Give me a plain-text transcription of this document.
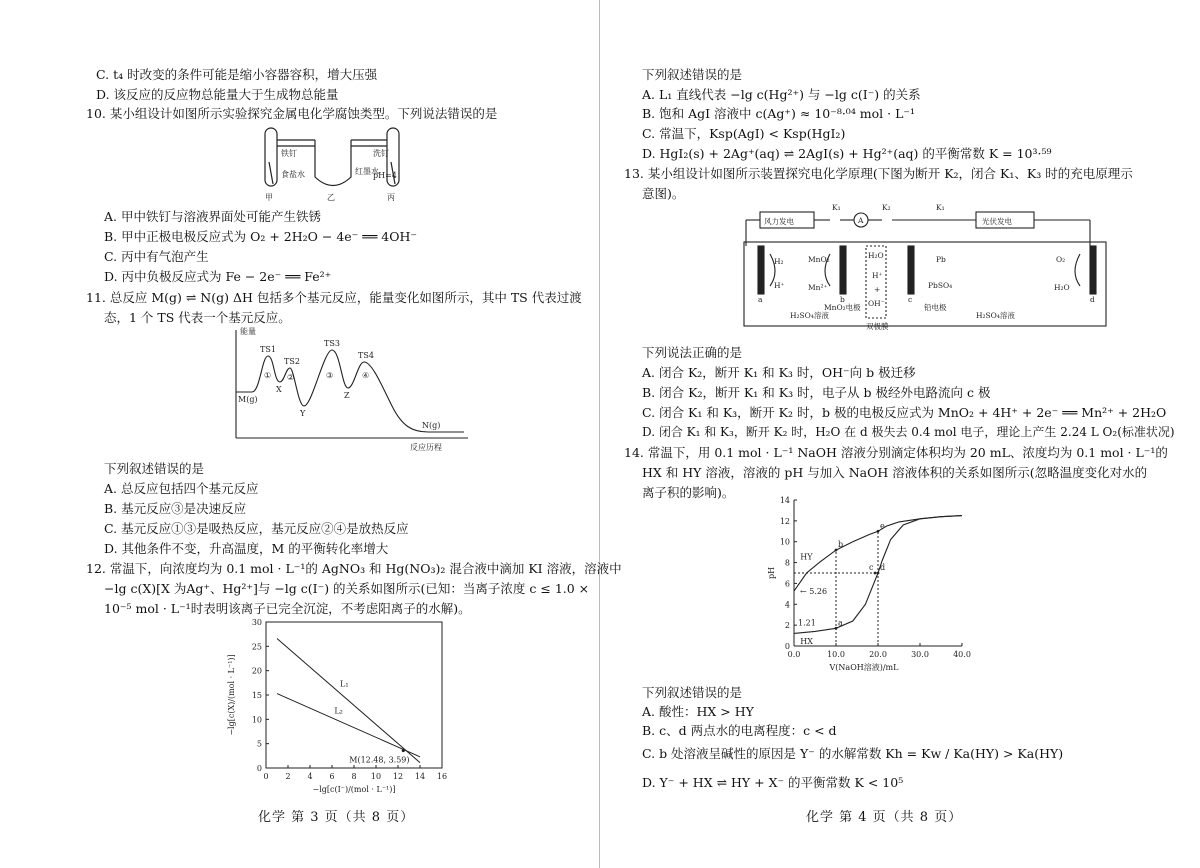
C. t₄ 时改变的条件可能是缩小容器容积，增大压强
D. 该反应的反应物总能量大于生成物总能量
10. 某小组设计如图所示实验探究金属电化学腐蚀类型。下列说法错误的是
铁钉
食盐水	红墨水
洗钉
pH=4
甲	乙	丙
A. 甲中铁钉与溶液界面处可能产生铁锈
B. 甲中正极电极反应式为 O₂ + 2H₂O − 4e⁻ ══ 4OH⁻
C. 丙中有气泡产生
D. 丙中负极反应式为 Fe − 2e⁻ ══ Fe²⁺
11. 总反应 M(g) ⇌ N(g) ΔH 包括多个基元反应，能量变化如图所示，其中 TS 代表过渡
态，1 个 TS 代表一个基元反应。
能量
TS1
TS2
TS3
TS4
① ②	③	④
M(g)
X
Y
Z
N(g)
反应历程
下列叙述错误的是
A. 总反应包括四个基元反应
B. 基元反应③是决速反应
C. 基元反应①③是吸热反应，基元反应②④是放热反应
D. 其他条件不变，升高温度，M 的平衡转化率增大
12. 常温下，向浓度均为 0.1 mol · L⁻¹的 AgNO₃ 和 Hg(NO₃)₂ 混合液中滴加 KI 溶液，溶液中
−lg c(X)[X 为Ag⁺、Hg²⁺]与 −lg c(I⁻) 的关系如图所示(已知：当离子浓度 c ≤ 1.0 ×
10⁻⁵ mol · L⁻¹时表明该离子已完全沉淀，不考虑阳离子的水解)。
0 2 4 6 8 10 12 14 16
0
5
10
15
20
25
30
L₁
L₂
M(12.48, 3.59)
−lg[c(I⁻)/(mol · L⁻¹)]
−lg[c(X)/(mol · L⁻¹)]
化学 第 3 页（共 8 页）
下列叙述错误的是
A. L₁ 直线代表 −lg c(Hg²⁺) 与 −lg c(I⁻) 的关系
B. 饱和 AgI 溶液中 c(Ag⁺) ≈ 10⁻⁸·⁰⁴ mol · L⁻¹
C. 常温下，Ksp(AgI) < Ksp(HgI₂)
D. HgI₂(s) + 2Ag⁺(aq) ⇌ 2AgI(s) + Hg²⁺(aq) 的平衡常数 K = 10³·⁵⁹
13. 某小组设计如图所示装置探究电化学原理(下图为断开 K₂，闭合 K₁、K₃ 时的充电原理示
意图)。
风力发电	光伏发电
K₁	K₂	K₁
A
H₂
H⁺
MnO₂
Mn²⁺
a	b
H₂SO₄溶液
MnO₂电极
H₂O
H⁺
+
OH⁻
双极膜
Pb
PbSO₄
O₂
H₂O
c	d
铅电极
H₂SO₄溶液
下列说法正确的是
A. 闭合 K₂，断开 K₁ 和 K₃ 时，OH⁻向 b 极迁移
B. 闭合 K₂，断开 K₁ 和 K₃ 时，电子从 b 极经外电路流向 c 极
C. 闭合 K₁ 和 K₃，断开 K₂ 时，b 极的电极反应式为 MnO₂ + 4H⁺ + 2e⁻ ══ Mn²⁺ + 2H₂O
D. 闭合 K₁ 和 K₃，断开 K₂ 时，H₂O 在 d 极失去 0.4 mol 电子，理论上产生 2.24 L O₂(标准状况)
14. 常温下，用 0.1 mol · L⁻¹ NaOH 溶液分别滴定体积均为 20 mL、浓度均为 0.1 mol · L⁻¹的
HX 和 HY 溶液，溶液的 pH 与加入 NaOH 溶液体积的关系如图所示(忽略温度变化对水的
离子积的影响)。
0.0	10.0	20.0	30.0	40.0
0
2
4
6
8
10
12
14
HY
HX
a
b
c d
e
← 5.26
1.21
V(NaOH溶液)/mL
pH
下列叙述错误的是
A. 酸性：HX > HY
B. c、d 两点水的电离程度：c < d
C. b 处溶液呈碱性的原因是 Y⁻ 的水解常数 Kh = Kw / Ka(HY) > Ka(HY)
D. Y⁻ + HX ⇌ HY + X⁻ 的平衡常数 K < 10⁵
化学 第 4 页（共 8 页）
